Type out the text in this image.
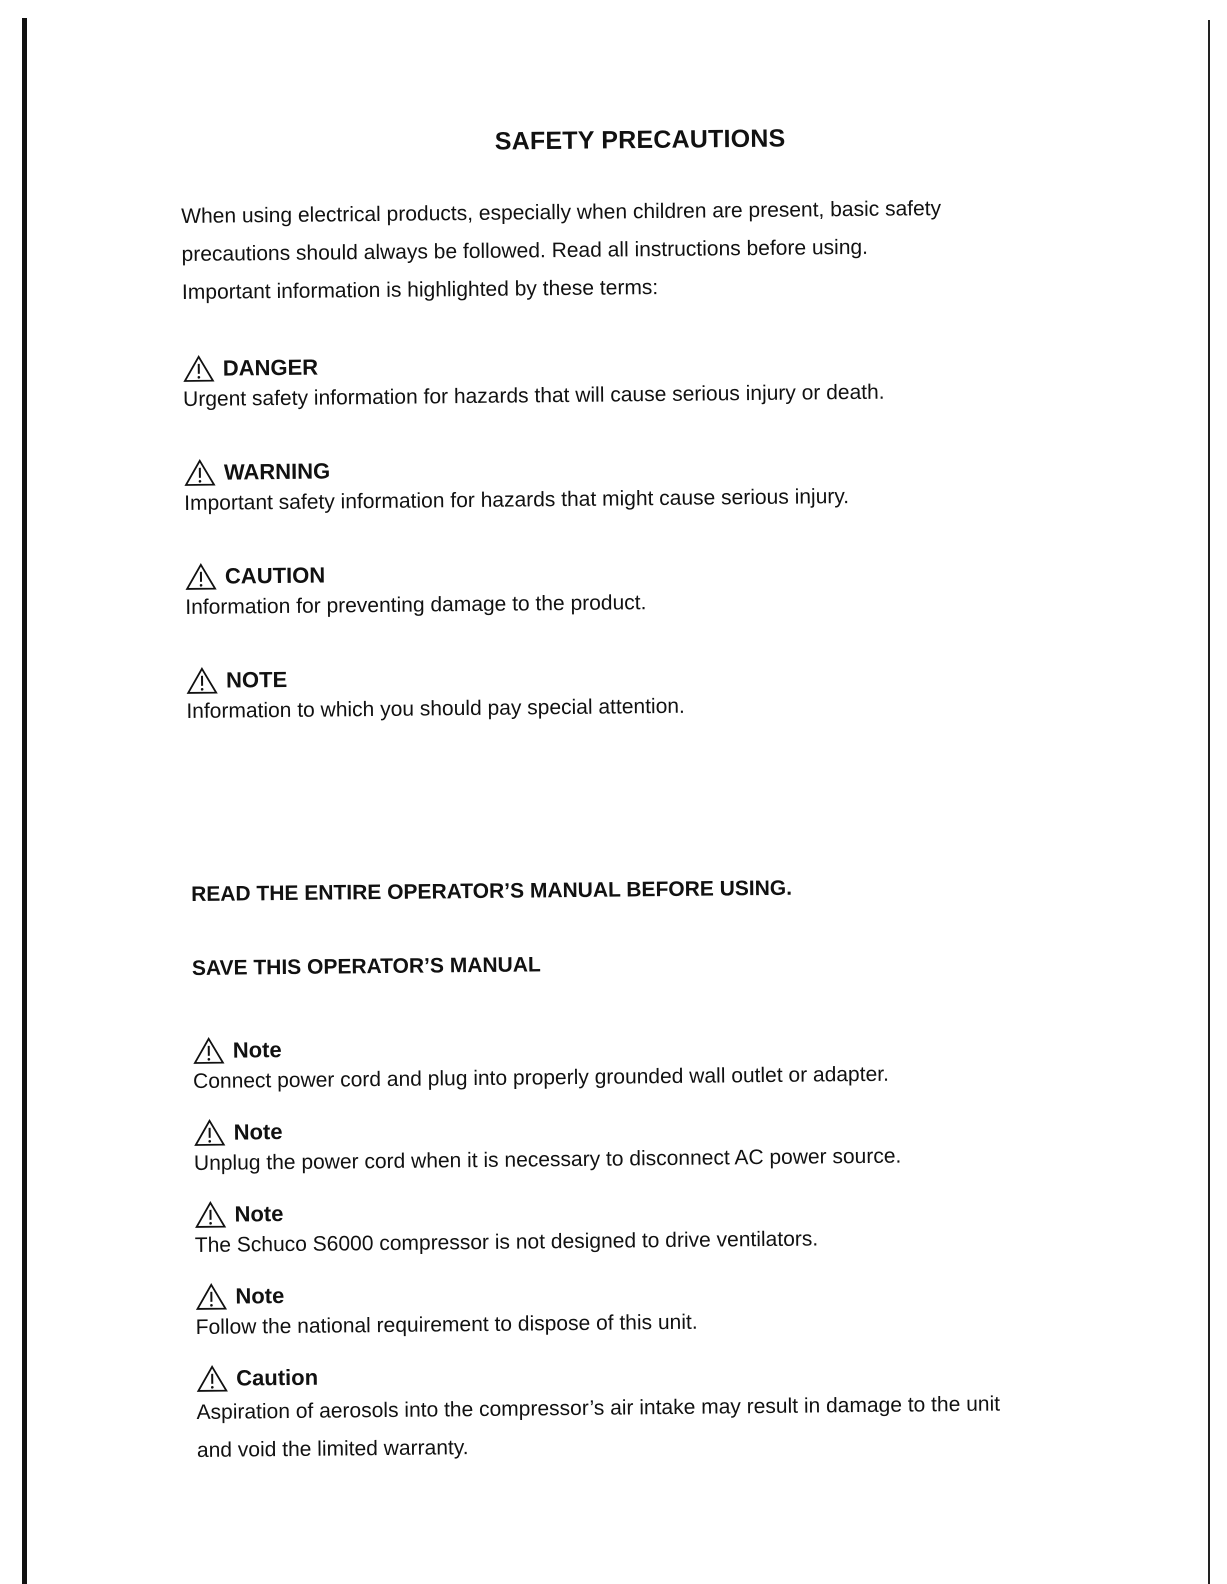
SAFETY PRECAUTIONS

When using electrical products, especially when children are present, basic safety

precautions should always be followed. Read all instructions before using.

Important information is highlighted by these terms:

DANGER

Urgent safety information for hazards that will cause serious injury or death.

WARNING

Important safety information for hazards that might cause serious injury.

CAUTION

Information for preventing damage to the product.

NOTE

Information to which you should pay special attention.

READ THE ENTIRE OPERATOR’S MANUAL BEFORE USING.

SAVE THIS OPERATOR’S MANUAL

Note

Connect power cord and plug into properly grounded wall outlet or adapter.

Note

Unplug the power cord when it is necessary to disconnect AC power source.

Note

The Schuco S6000 compressor is not designed to drive ventilators.

Note

Follow the national requirement to dispose of this unit.

Caution

Aspiration of aerosols into the compressor’s air intake may result in damage to the unit

and void the limited warranty.
